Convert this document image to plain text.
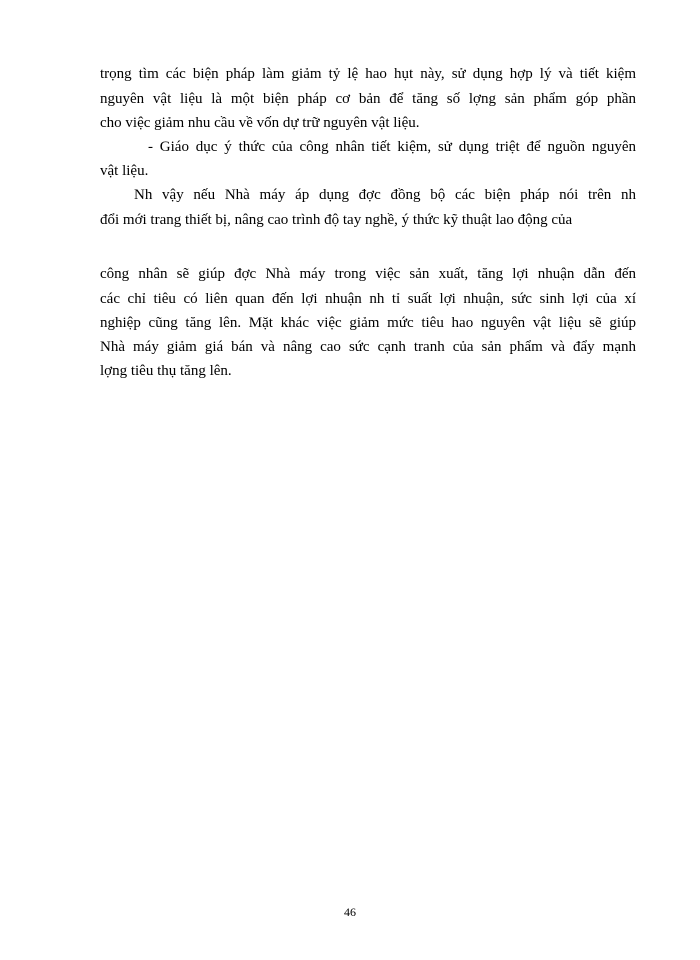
trọng tìm các biện pháp làm giảm tỷ lệ hao hụt này, sử dụng hợp lý và tiết kiệm
nguyên vật liệu là một biện pháp cơ bản để tăng số lợng sản phẩm góp phần
cho việc giảm nhu cầu về vốn dự trữ nguyên vật liệu.
- Giáo dục ý thức của công nhân tiết kiệm, sử dụng triệt để nguồn nguyên
vật liệu.
Nh vậy nếu Nhà máy áp dụng đợc đồng bộ các biện pháp nói trên nh
đổi mới trang thiết bị, nâng cao trình độ tay nghề, ý thức kỹ thuật lao động của
công nhân sẽ giúp đợc Nhà máy trong việc sản xuất, tăng lợi nhuận dẫn đến
các chỉ tiêu có liên quan đến lợi nhuận nh tỉ suất lợi nhuận, sức sinh lợi của xí
nghiệp cũng tăng lên. Mặt khác việc giảm mức tiêu hao nguyên vật liệu sẽ giúp
Nhà máy giảm giá bán và nâng cao sức cạnh tranh của sản phẩm và đẩy mạnh
lợng tiêu thụ tăng lên.
46
